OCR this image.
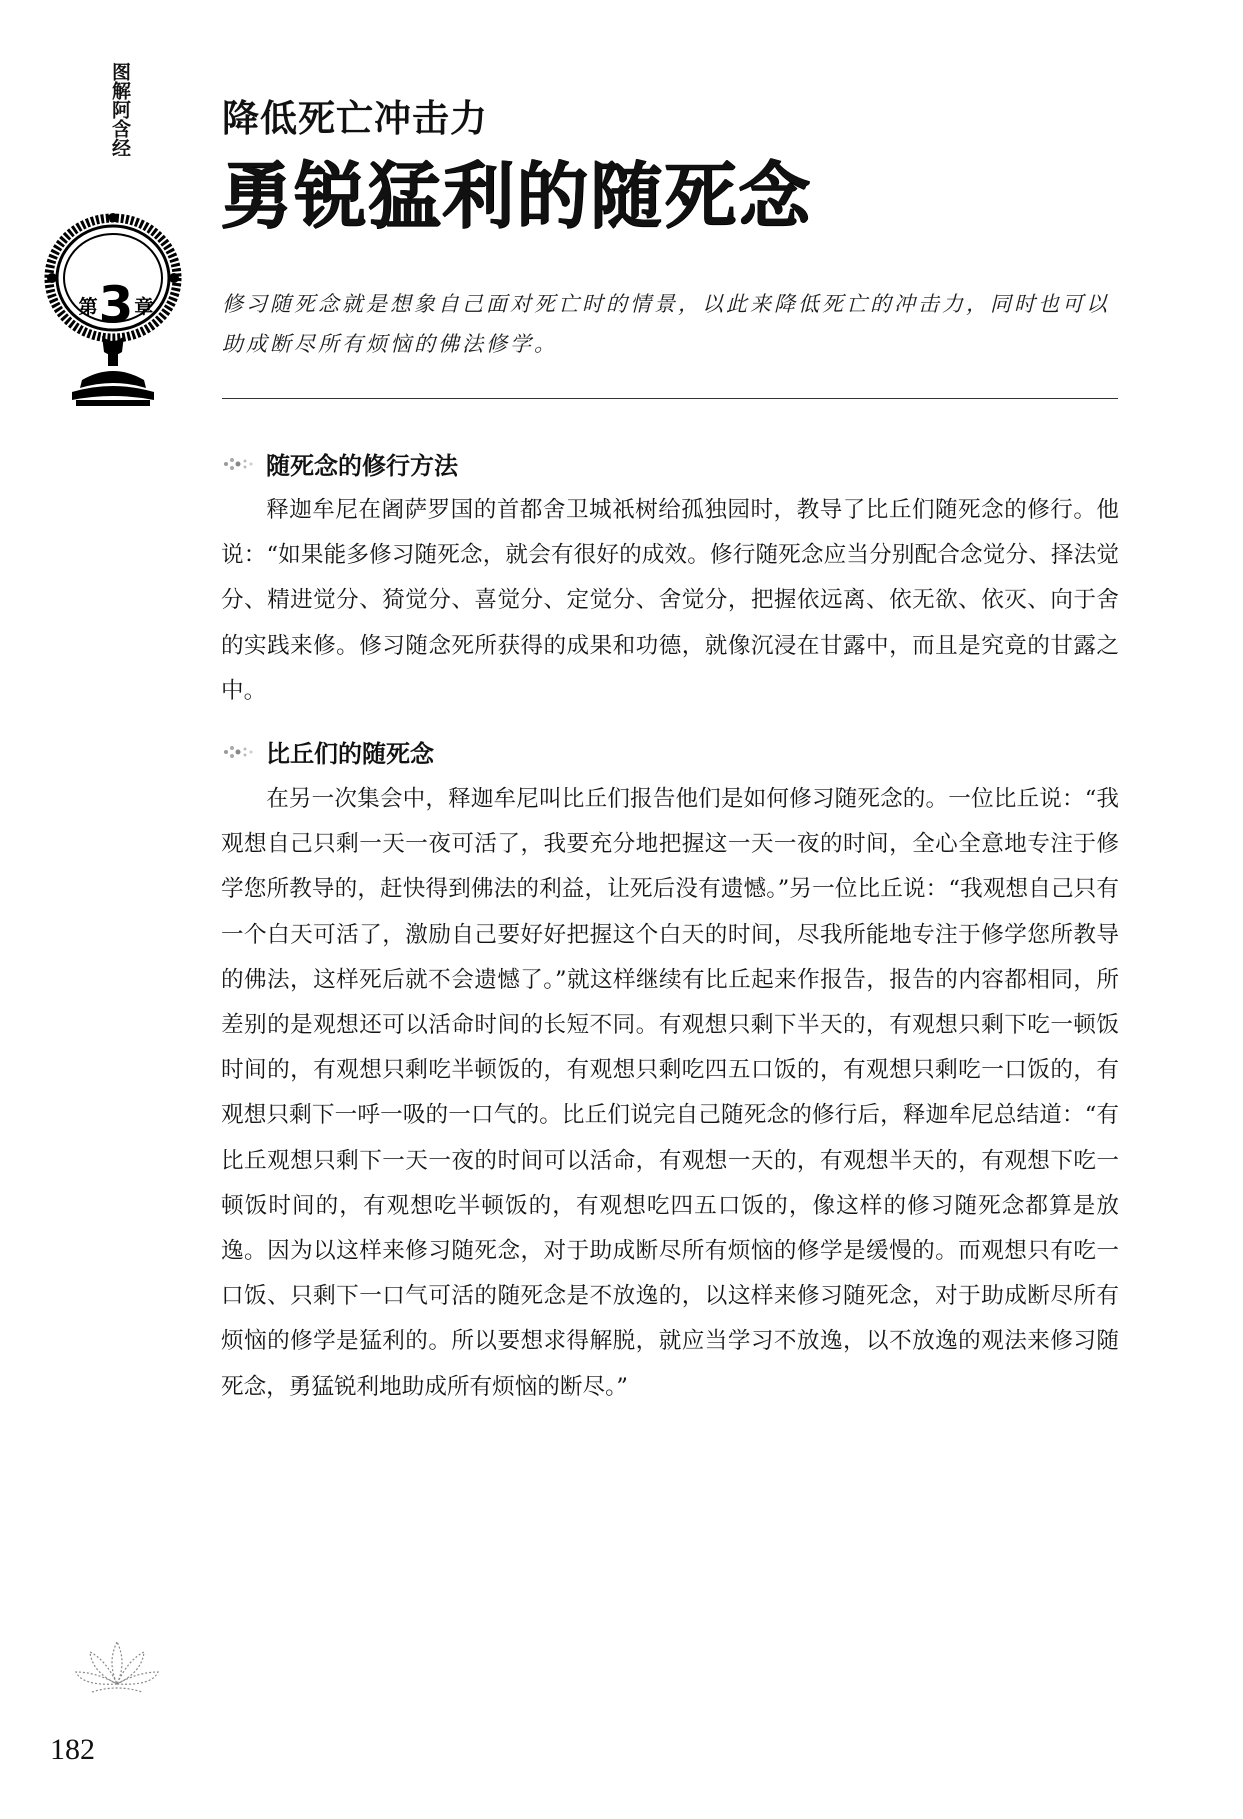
图解阿含经
第 3 章
降低死亡冲击力
勇锐猛利的随死念
修习随死念就是想象自己面对死亡时的情景，以此来降低死亡的冲击力，同时也可以助成断尽所有烦恼的佛法修学。
随死念的修行方法

释迦牟尼在阇萨罗国的首都舍卫城祇树给孤独园时，教导了比丘们随死念的修行。他说：“如果能多修习随死念，就会有很好的成效。修行随死念应当分别配合念觉分、择法觉分、精进觉分、猗觉分、喜觉分、定觉分、舍觉分，把握依远离、依无欲、依灭、向于舍的实践来修。修习随念死所获得的成果和功德，就像沉浸在甘露中，而且是究竟的甘露之中。

比丘们的随死念

在另一次集会中，释迦牟尼叫比丘们报告他们是如何修习随死念的。一位比丘说：“我观想自己只剩一天一夜可活了，我要充分地把握这一天一夜的时间，全心全意地专注于修学您所教导的，赶快得到佛法的利益，让死后没有遗憾。”另一位比丘说：“我观想自己只有一个白天可活了，激励自己要好好把握这个白天的时间，尽我所能地专注于修学您所教导的佛法，这样死后就不会遗憾了。”就这样继续有比丘起来作报告，报告的内容都相同，所差别的是观想还可以活命时间的长短不同。有观想只剩下半天的，有观想只剩下吃一顿饭时间的，有观想只剩吃半顿饭的，有观想只剩吃四五口饭的，有观想只剩吃一口饭的，有观想只剩下一呼一吸的一口气的。比丘们说完自己随死念的修行后，释迦牟尼总结道：“有比丘观想只剩下一天一夜的时间可以活命，有观想一天的，有观想半天的，有观想下吃一顿饭时间的，有观想吃半顿饭的，有观想吃四五口饭的，像这样的修习随死念都算是放逸。因为以这样来修习随死念，对于助成断尽所有烦恼的修学是缓慢的。而观想只有吃一口饭、只剩下一口气可活的随死念是不放逸的，以这样来修习随死念，对于助成断尽所有烦恼的修学是猛利的。所以要想求得解脱，就应当学习不放逸，以不放逸的观法来修习随死念，勇猛锐利地助成所有烦恼的断尽。”

182
